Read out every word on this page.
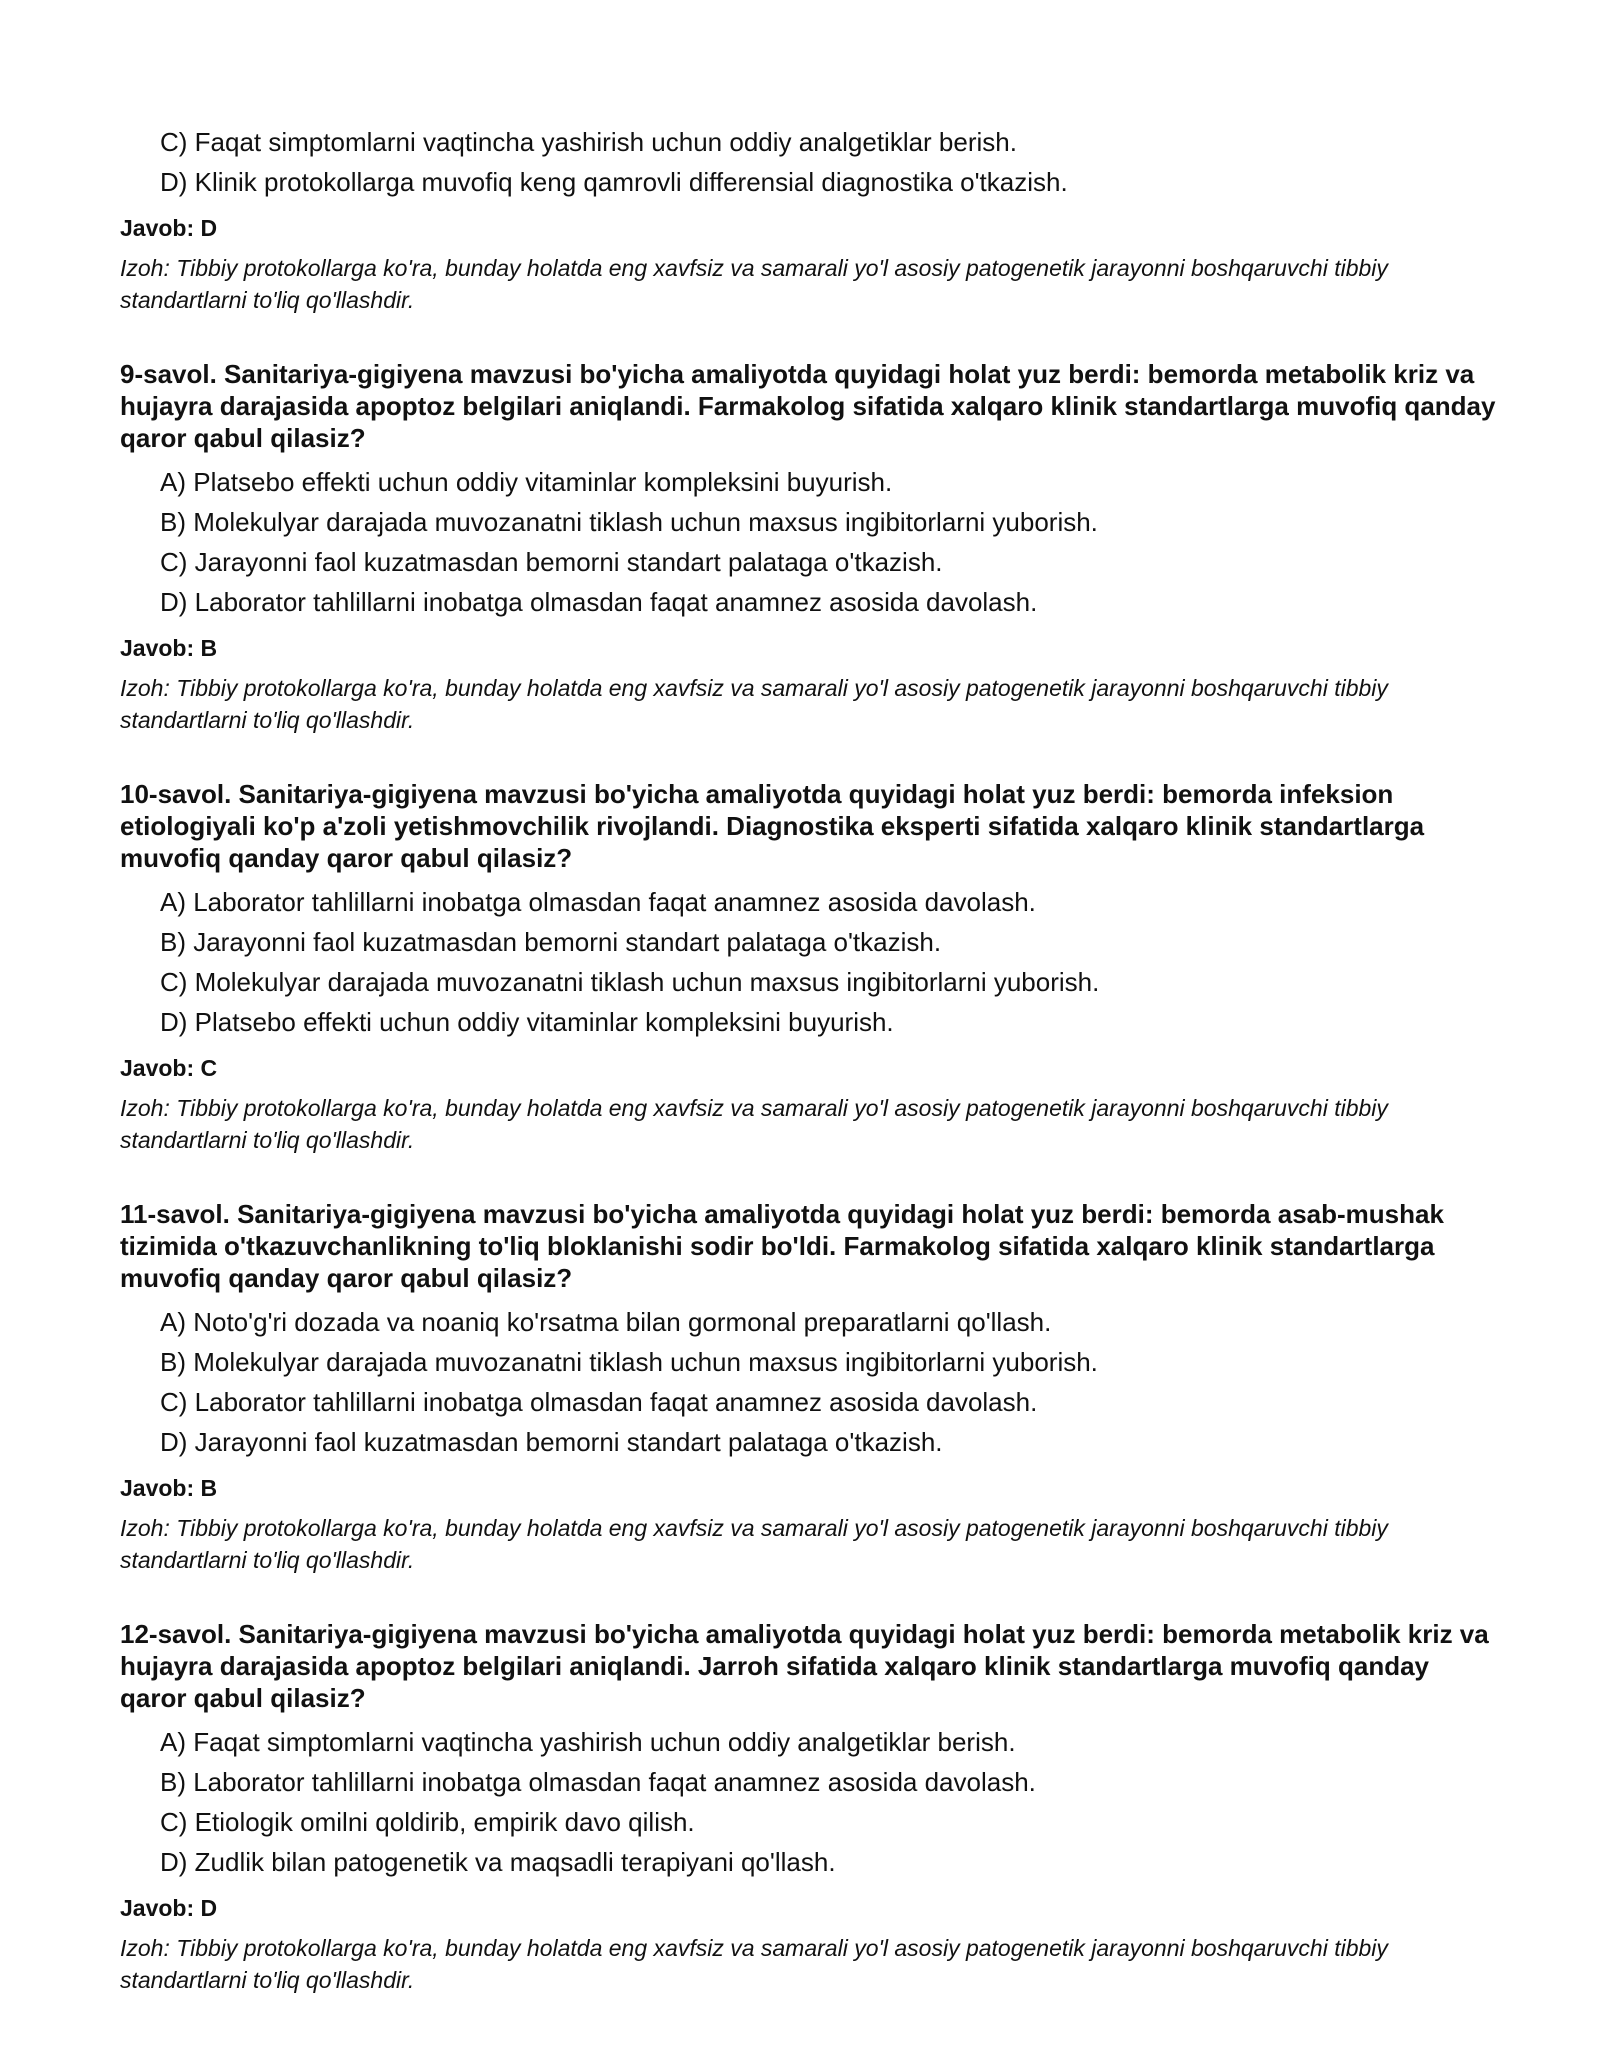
C) Faqat simptomlarni vaqtincha yashirish uchun oddiy analgetiklar berish.

D) Klinik protokollarga muvofiq keng qamrovli differensial diagnostika o'tkazish.

Javob: D

Izoh: Tibbiy protokollarga ko'ra, bunday holatda eng xavfsiz va samarali yo'l asosiy patogenetik jarayonni boshqaruvchi tibbiy standartlarni to'liq qo'llashdir.

9-savol. Sanitariya-gigiyena mavzusi bo'yicha amaliyotda quyidagi holat yuz berdi: bemorda metabolik kriz va hujayra darajasida apoptoz belgilari aniqlandi. Farmakolog sifatida xalqaro klinik standartlarga muvofiq qanday qaror qabul qilasiz?

A) Platsebo effekti uchun oddiy vitaminlar kompleksini buyurish.

B) Molekulyar darajada muvozanatni tiklash uchun maxsus ingibitorlarni yuborish.

C) Jarayonni faol kuzatmasdan bemorni standart palataga o'tkazish.

D) Laborator tahlillarni inobatga olmasdan faqat anamnez asosida davolash.

Javob: B

Izoh: Tibbiy protokollarga ko'ra, bunday holatda eng xavfsiz va samarali yo'l asosiy patogenetik jarayonni boshqaruvchi tibbiy standartlarni to'liq qo'llashdir.

10-savol. Sanitariya-gigiyena mavzusi bo'yicha amaliyotda quyidagi holat yuz berdi: bemorda infeksion etiologiyali ko'p a'zoli yetishmovchilik rivojlandi. Diagnostika eksperti sifatida xalqaro klinik standartlarga muvofiq qanday qaror qabul qilasiz?

A) Laborator tahlillarni inobatga olmasdan faqat anamnez asosida davolash.

B) Jarayonni faol kuzatmasdan bemorni standart palataga o'tkazish.

C) Molekulyar darajada muvozanatni tiklash uchun maxsus ingibitorlarni yuborish.

D) Platsebo effekti uchun oddiy vitaminlar kompleksini buyurish.

Javob: C

Izoh: Tibbiy protokollarga ko'ra, bunday holatda eng xavfsiz va samarali yo'l asosiy patogenetik jarayonni boshqaruvchi tibbiy standartlarni to'liq qo'llashdir.

11-savol. Sanitariya-gigiyena mavzusi bo'yicha amaliyotda quyidagi holat yuz berdi: bemorda asab-mushak tizimida o'tkazuvchanlikning to'liq bloklanishi sodir bo'ldi. Farmakolog sifatida xalqaro klinik standartlarga muvofiq qanday qaror qabul qilasiz?

A) Noto'g'ri dozada va noaniq ko'rsatma bilan gormonal preparatlarni qo'llash.

B) Molekulyar darajada muvozanatni tiklash uchun maxsus ingibitorlarni yuborish.

C) Laborator tahlillarni inobatga olmasdan faqat anamnez asosida davolash.

D) Jarayonni faol kuzatmasdan bemorni standart palataga o'tkazish.

Javob: B

Izoh: Tibbiy protokollarga ko'ra, bunday holatda eng xavfsiz va samarali yo'l asosiy patogenetik jarayonni boshqaruvchi tibbiy standartlarni to'liq qo'llashdir.

12-savol. Sanitariya-gigiyena mavzusi bo'yicha amaliyotda quyidagi holat yuz berdi: bemorda metabolik kriz va hujayra darajasida apoptoz belgilari aniqlandi. Jarroh sifatida xalqaro klinik standartlarga muvofiq qanday qaror qabul qilasiz?

A) Faqat simptomlarni vaqtincha yashirish uchun oddiy analgetiklar berish.

B) Laborator tahlillarni inobatga olmasdan faqat anamnez asosida davolash.

C) Etiologik omilni qoldirib, empirik davo qilish.

D) Zudlik bilan patogenetik va maqsadli terapiyani qo'llash.

Javob: D

Izoh: Tibbiy protokollarga ko'ra, bunday holatda eng xavfsiz va samarali yo'l asosiy patogenetik jarayonni boshqaruvchi tibbiy standartlarni to'liq qo'llashdir.
